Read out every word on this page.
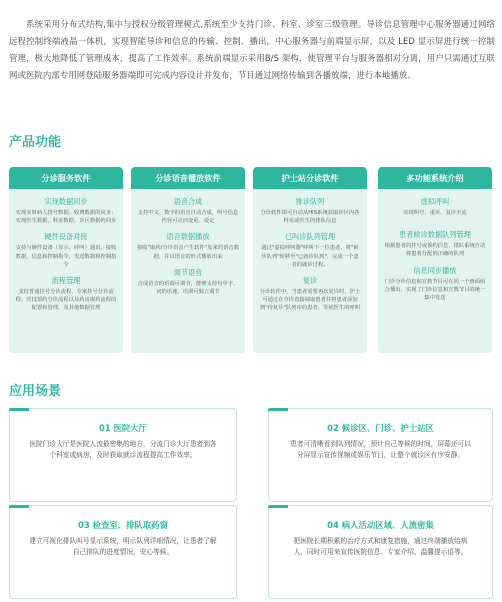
系统采用分布式结构,集中与授权分级管理模式,系统至少支持门诊、科室、诊室三级管理。导诊信息管理中心服务器通过网络远程控制终端液晶一体机，实现智能导诊和信息的传输、控制、播出。中心服务器与前端显示屏，以及 LED 显示屏进行统一控制管理，极大地降低了管理成本，提高了工作效率。系统前端显示采用B/S 架构，使管理平台与服务器相对分离，用户只需通过互联网或医院内部专用网登陆服务器端即可完成内容设计并发布，节目通过网络传输到各播放端，进行本地播放。

产品功能
分诊服务软件
实现数据同步
实现实时病人排号数据、收费数据的同步；实现医生数据、科室数据、诊区数据的同步
硬件设备对接
支持与硬件设备（显示、呼叫）通讯，接收数据、信息和控制指令，发送数据和控制指令
流程管理
支持普通挂号分诊流程、专家挂号分诊流程、医技预约分诊流程以及药房取药流程的配置和管理，及其他数据管理
分诊语音播放软件
语音合成
支持中文、数字的语音自动合成，叫号信息内容可灵活变更、设定
语音数据播放
接收"取药/分诊语音产生软件"发来的语音数据，并以语音的形式播放出来
调节语音
合成语音的语调可调节，能够支持句中字、词的语速、语调可独立调节
护士站分诊软件
排诊队列
分诊软件即可自动从HIS系统获取诊区内各科室或医生的排队信息
已叫诊队列管理
通过"虚拟呼叫器"呼叫下一位患者，将"候诊队列"转移至"已就诊队列"，完成一个患者的就诊过程。
复诊
分诊软件中，当患者需要再次复诊时，护士可通过在分诊直接调取患者并将患者添加到"待复诊"队列中的患者，等候医生的呼叫
多功能系统介绍
虚拟呼叫
实现叫号、重诊、复诊全流
患者候诊数据队列管理
根据患者的挂号或预约信息，排队系统自动将患者分配到正确的队列
信息同步播放
门诊分诊信息和宣教节目可在同一个画面组合播出，实现了门诊信息和宣教节目的统一集中发送
应用场景
01 医院大厅
医院门诊大厅是医院人流最密集的地方，分流门诊大厅患者到各个科室或病房，及时获取就诊流程提高工作效率。
02 候诊区、门诊、护士站区
患者可清晰看到队列情况，预计自己等候的时间，屏幕还可以分屏显示宣传视频或娱乐节目，让整个就诊区有序安静。
03 检查室、排队取药窗
建立可视化排队叫号显示系统，明示队列详细情况，让患者了解自己排队的进度情况，安心等候。
04 病人活动区域、人流密集
把医院长期积累的治疗方式和康复措施，通过终端播放给病人，同时可用来宣传医院信息、专家介绍、温馨提示语等。
